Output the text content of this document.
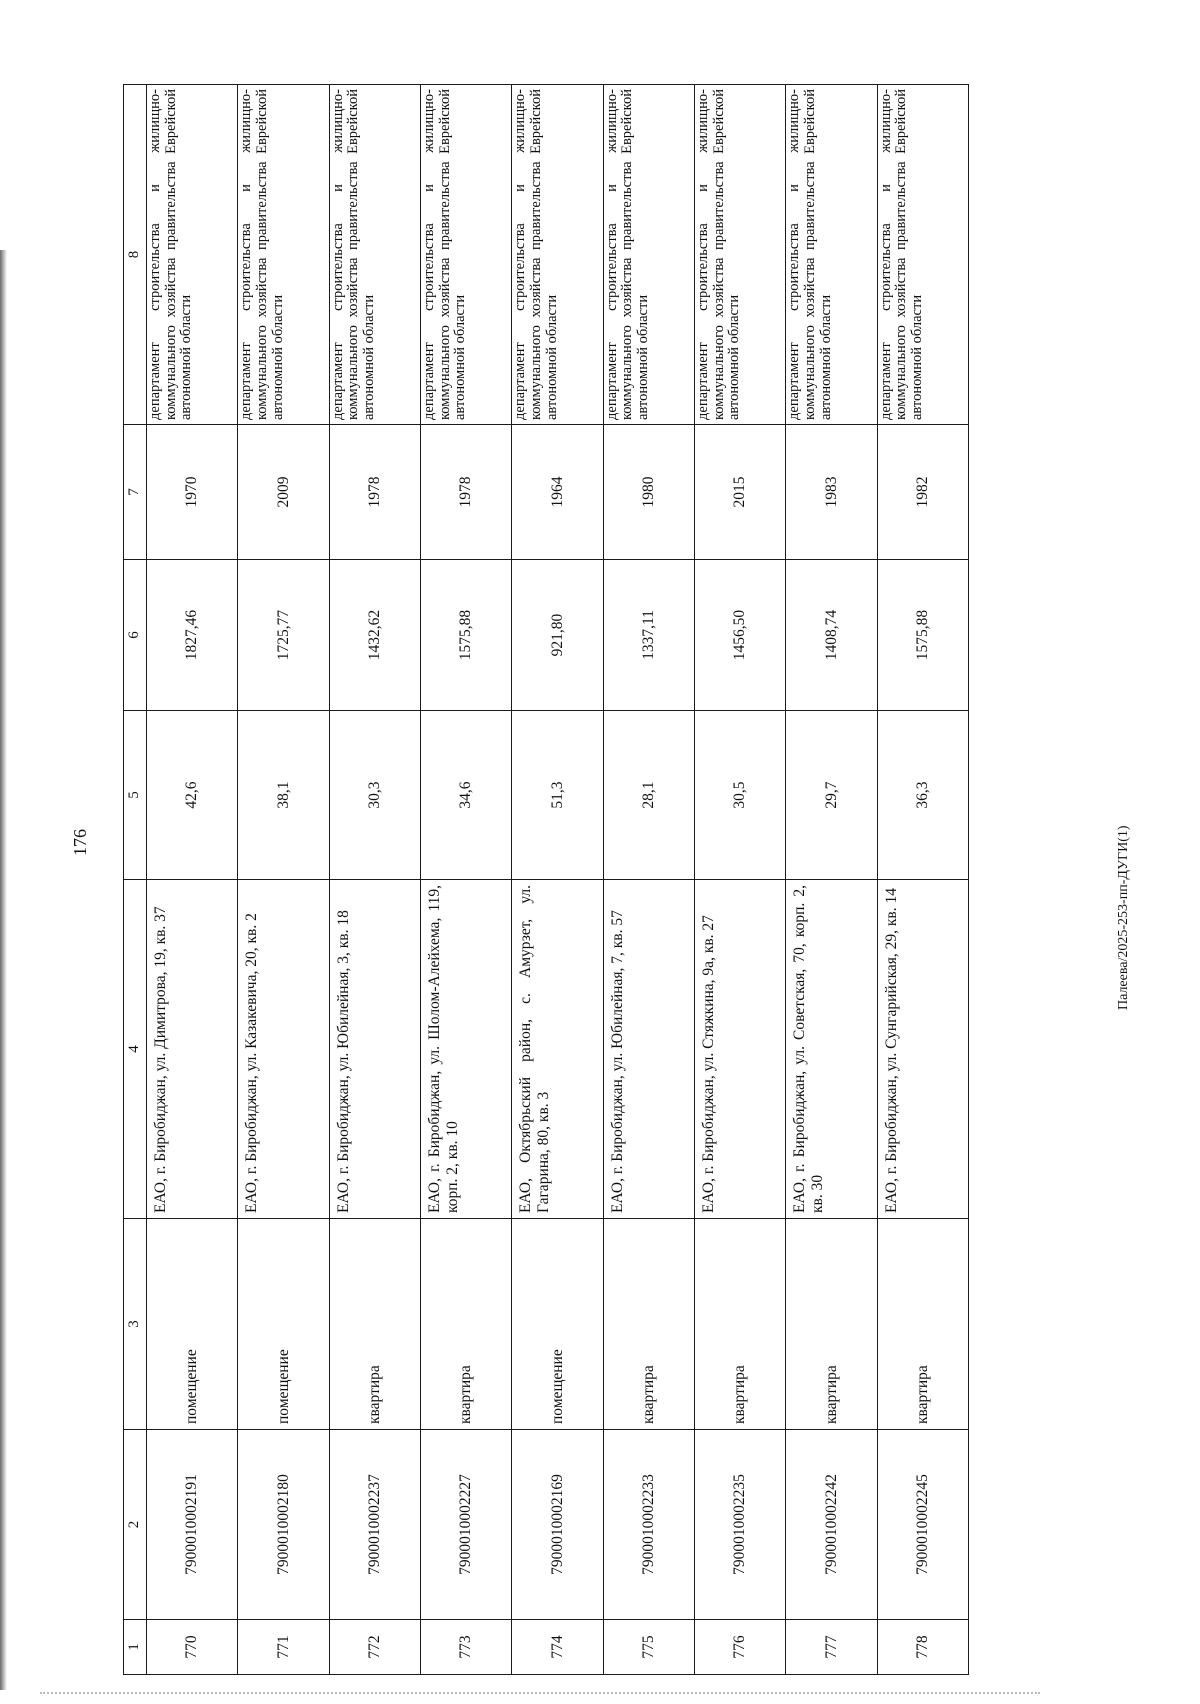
176	Палеева/2025-253-пп-ДУГИ(1)
1	2	3	4	5	6	7	8
770	7900010002191	помещение	ЕАО, г. Биробиджан, ул. Димитрова, 19, кв. 37	42,6	1827,46	1970	департамент строительства и жилищно-коммунального хозяйства правительства Еврейской автономной области
771	7900010002180	помещение	ЕАО, г. Биробиджан, ул. Казакевича, 20, кв. 2	38,1	1725,77	2009	департамент строительства и жилищно-коммунального хозяйства правительства Еврейской автономной области
772	7900010002237	квартира	ЕАО, г. Биробиджан, ул. Юбилейная, 3, кв. 18	30,3	1432,62	1978	департамент строительства и жилищно-коммунального хозяйства правительства Еврейской автономной области
773	7900010002227	квартира	ЕАО, г. Биробиджан, ул. Шолом-Алейхема, 119, корп. 2, кв. 10	34,6	1575,88	1978	департамент строительства и жилищно-коммунального хозяйства правительства Еврейской автономной области
774	7900010002169	помещение	ЕАО, Октябрьский район, с. Амурзет, ул. Гагарина, 80, кв. 3	51,3	921,80	1964	департамент строительства и жилищно-коммунального хозяйства правительства Еврейской автономной области
775	7900010002233	квартира	ЕАО, г. Биробиджан, ул. Юбилейная, 7, кв. 57	28,1	1337,11	1980	департамент строительства и жилищно-коммунального хозяйства правительства Еврейской автономной области
776	7900010002235	квартира	ЕАО, г. Биробиджан, ул. Стяжкина, 9а, кв. 27	30,5	1456,50	2015	департамент строительства и жилищно-коммунального хозяйства правительства Еврейской автономной области
777	7900010002242	квартира	ЕАО, г. Биробиджан, ул. Советская, 70, корп. 2, кв. 30	29,7	1408,74	1983	департамент строительства и жилищно-коммунального хозяйства правительства Еврейской автономной области
778	7900010002245	квартира	ЕАО, г. Биробиджан, ул. Сунгарийская, 29, кв. 14	36,3	1575,88	1982	департамент строительства и жилищно-коммунального хозяйства правительства Еврейской автономной области
